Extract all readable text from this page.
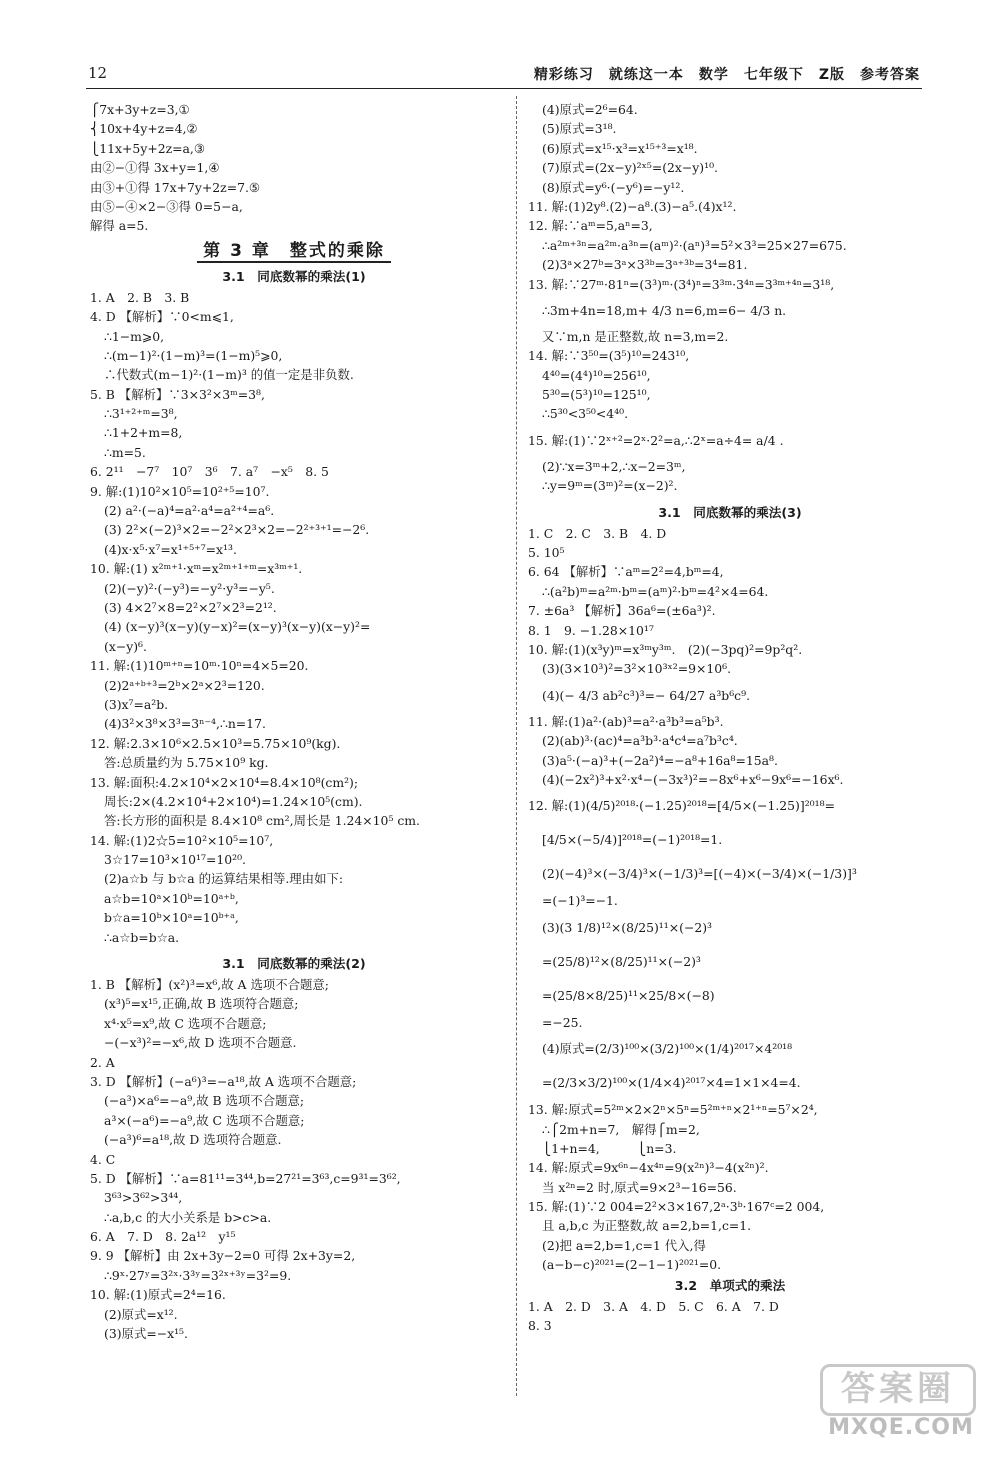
12	精彩练习　就练这一本　数学　七年级下　Z版　参考答案
⎧7x+3y+z=3,①
⎨10x+4y+z=4,②
⎩11x+5y+2z=a,③
由②−①得 3x+y=1,④
由③+①得 17x+7y+2z=7.⑤
由⑤−④×2−③得 0=5−a,
解得 a=5.
第 3 章　整式的乘除
3.1　同底数幂的乘法(1)
1. A　2. B　3. B
4. D 【解析】∵0<m⩽1,
∴1−m⩾0,
∴(m−1)²·(1−m)³=(1−m)⁵⩾0,
∴代数式(m−1)²·(1−m)³ 的值一定是非负数.
5. B 【解析】∵3×3²×3ᵐ=3⁸,
∴3¹⁺²⁺ᵐ=3⁸,
∴1+2+m=8,
∴m=5.
6. 2¹¹　−7⁷　10⁷　3⁶　7. a⁷　−x⁵　8. 5
9. 解:(1)10²×10⁵=10²⁺⁵=10⁷.
(2) a²·(−a)⁴=a²·a⁴=a²⁺⁴=a⁶.
(3) 2²×(−2)³×2=−2²×2³×2=−2²⁺³⁺¹=−2⁶.
(4)x·x⁵·x⁷=x¹⁺⁵⁺⁷=x¹³.
10. 解:(1) x²ᵐ⁺¹·xᵐ=x²ᵐ⁺¹⁺ᵐ=x³ᵐ⁺¹.
(2)(−y)²·(−y³)=−y²·y³=−y⁵.
(3) 4×2⁷×8=2²×2⁷×2³=2¹².
(4) (x−y)³(x−y)(y−x)²=(x−y)³(x−y)(x−y)²=
(x−y)⁶.
11. 解:(1)10ᵐ⁺ⁿ=10ᵐ·10ⁿ=4×5=20.
(2)2ᵃ⁺ᵇ⁺³=2ᵇ×2ᵃ×2³=120.
(3)x⁷=a²b.
(4)3²×3⁸×3³=3ⁿ⁻⁴,∴n=17.
12. 解:2.3×10⁶×2.5×10³=5.75×10⁹(kg).
答:总质量约为 5.75×10⁹ kg.
13. 解:面积:4.2×10⁴×2×10⁴=8.4×10⁸(cm²);
周长:2×(4.2×10⁴+2×10⁴)=1.24×10⁵(cm).
答:长方形的面积是 8.4×10⁸ cm²,周长是 1.24×10⁵ cm.
14. 解:(1)2☆5=10²×10⁵=10⁷,
3☆17=10³×10¹⁷=10²⁰.
(2)a☆b 与 b☆a 的运算结果相等.理由如下:
a☆b=10ᵃ×10ᵇ=10ᵃ⁺ᵇ,
b☆a=10ᵇ×10ᵃ=10ᵇ⁺ᵃ,
∴a☆b=b☆a.
3.1　同底数幂的乘法(2)
1. B 【解析】(x²)³=x⁶,故 A 选项不合题意;
(x³)⁵=x¹⁵,正确,故 B 选项符合题意;
x⁴·x⁵=x⁹,故 C 选项不合题意;
−(−x³)²=−x⁶,故 D 选项不合题意.
2. A
3. D 【解析】(−a⁶)³=−a¹⁸,故 A 选项不合题意;
(−a³)×a⁶=−a⁹,故 B 选项不合题意;
a³×(−a⁶)=−a⁹,故 C 选项不合题意;
(−a³)⁶=a¹⁸,故 D 选项符合题意.
4. C
5. D 【解析】∵a=81¹¹=3⁴⁴,b=27²¹=3⁶³,c=9³¹=3⁶²,
3⁶³>3⁶²>3⁴⁴,
∴a,b,c 的大小关系是 b>c>a.
6. A　7. D　8. 2a¹²　y¹⁵
9. 9 【解析】由 2x+3y−2=0 可得 2x+3y=2,
∴9ˣ·27ʸ=3²ˣ·3³ʸ=3²ˣ⁺³ʸ=3²=9.
10. 解:(1)原式=2⁴=16.
(2)原式=x¹².
(3)原式=−x¹⁵.
(4)原式=2⁶=64.
(5)原式=3¹⁸.
(6)原式=x¹⁵·x³=x¹⁵⁺³=x¹⁸.
(7)原式=(2x−y)²ˣ⁵=(2x−y)¹⁰.
(8)原式=y⁶·(−y⁶)=−y¹².
11. 解:(1)2y⁸.(2)−a⁸.(3)−a⁵.(4)x¹².
12. 解:∵aᵐ=5,aⁿ=3,
∴a²ᵐ⁺³ⁿ=a²ᵐ·a³ⁿ=(aᵐ)²·(aⁿ)³=5²×3³=25×27=675.
(2)3ᵃ×27ᵇ=3ᵃ×3³ᵇ=3ᵃ⁺³ᵇ=3⁴=81.
13. 解:∵27ᵐ·81ⁿ=(3³)ᵐ·(3⁴)ⁿ=3³ᵐ·3⁴ⁿ=3³ᵐ⁺⁴ⁿ=3¹⁸,
∴3m+4n=18,m+ 4/3 n=6,m=6− 4/3 n.
又∵m,n 是正整数,故 n=3,m=2.
14. 解:∵3⁵⁰=(3⁵)¹⁰=243¹⁰,
4⁴⁰=(4⁴)¹⁰=256¹⁰,
5³⁰=(5³)¹⁰=125¹⁰,
∴5³⁰<3⁵⁰<4⁴⁰.
15. 解:(1)∵2ˣ⁺²=2ˣ·2²=a,∴2ˣ=a÷4= a/4 .
(2)∵x=3ᵐ+2,∴x−2=3ᵐ,
∴y=9ᵐ=(3ᵐ)²=(x−2)².
3.1　同底数幂的乘法(3)
1. C　2. C　3. B　4. D
5. 10⁵
6. 64 【解析】∵aᵐ=2²=4,bᵐ=4,
∴(a²b)ᵐ=a²ᵐ·bᵐ=(aᵐ)²·bᵐ=4²×4=64.
7. ±6a³ 【解析】36a⁶=(±6a³)².
8. 1　9. −1.28×10¹⁷
10. 解:(1)(x³y)ᵐ=x³ᵐy³ᵐ.　(2)(−3pq)²=9p²q².
(3)(3×10³)²=3²×10³ˣ²=9×10⁶.
(4)(− 4/3 ab²c³)³=− 64/27 a³b⁶c⁹.
11. 解:(1)a²·(ab)³=a²·a³b³=a⁵b³.
(2)(ab)³·(ac)⁴=a³b³·a⁴c⁴=a⁷b³c⁴.
(3)a⁵·(−a)³+(−2a²)⁴=−a⁸+16a⁸=15a⁸.
(4)(−2x²)³+x²·x⁴−(−3x³)²=−8x⁶+x⁶−9x⁶=−16x⁶.
12. 解:(1)(4/5)²⁰¹⁸·(−1.25)²⁰¹⁸=[4/5×(−1.25)]²⁰¹⁸=
[4/5×(−5/4)]²⁰¹⁸=(−1)²⁰¹⁸=1.
(2)(−4)³×(−3/4)³×(−1/3)³=[(−4)×(−3/4)×(−1/3)]³
=(−1)³=−1.
(3)(3 1/8)¹²×(8/25)¹¹×(−2)³
=(25/8)¹²×(8/25)¹¹×(−2)³
=(25/8×8/25)¹¹×25/8×(−8)
=−25.
(4)原式=(2/3)¹⁰⁰×(3/2)¹⁰⁰×(1/4)²⁰¹⁷×4²⁰¹⁸
=(2/3×3/2)¹⁰⁰×(1/4×4)²⁰¹⁷×4=1×1×4=4.
13. 解:原式=5²ᵐ×2×2ⁿ×5ⁿ=5²ᵐ⁺ⁿ×2¹⁺ⁿ=5⁷×2⁴,
∴⎧2m+n=7,　解得⎧m=2,
⎩1+n=4,　　　⎩n=3.
14. 解:原式=9x⁶ⁿ−4x⁴ⁿ=9(x²ⁿ)³−4(x²ⁿ)².
当 x²ⁿ=2 时,原式=9×2³−16=56.
15. 解:(1)∵2 004=2²×3×167,2ᵃ·3ᵇ·167ᶜ=2 004,
且 a,b,c 为正整数,故 a=2,b=1,c=1.
(2)把 a=2,b=1,c=1 代入,得
(a−b−c)²⁰²¹=(2−1−1)²⁰²¹=0.
3.2　单项式的乘法
1. A　2. D　3. A　4. D　5. C　6. A　7. D
8. 3
答案圈
MXQE.COM
